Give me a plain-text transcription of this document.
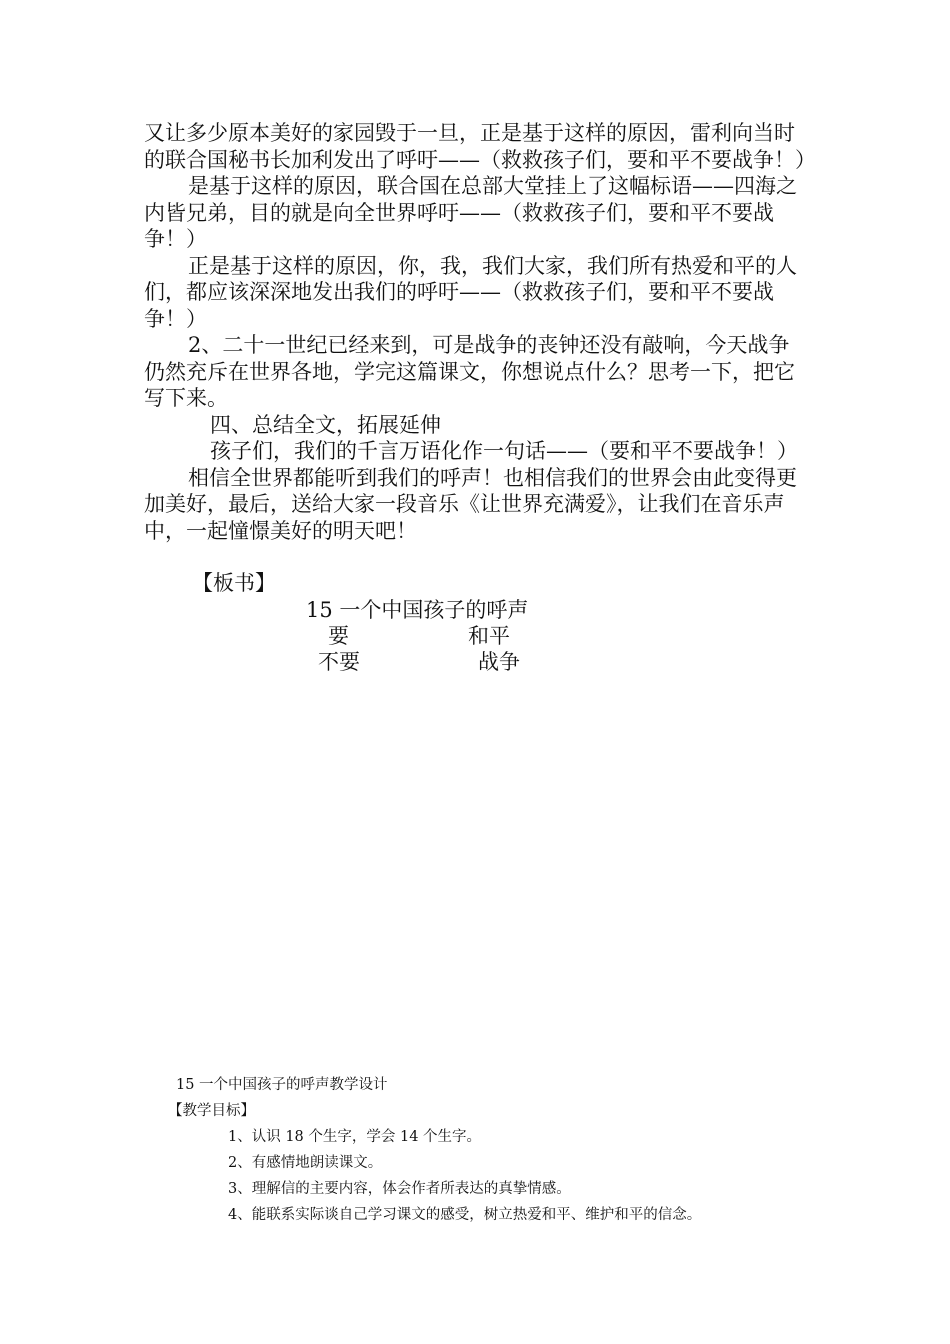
又让多少原本美好的家园毁于一旦，正是基于这样的原因，雷利向当时的联合国秘书长加利发出了呼吁——（救救孩子们，要和平不要战争！）

是基于这样的原因，联合国在总部大堂挂上了这幅标语——四海之内皆兄弟，目的就是向全世界呼吁——（救救孩子们，要和平不要战争！）

正是基于这样的原因，你，我，我们大家，我们所有热爱和平的人们，都应该深深地发出我们的呼吁——（救救孩子们，要和平不要战争！）

2、二十一世纪已经来到，可是战争的丧钟还没有敲响，今天战争仍然充斥在世界各地，学完这篇课文，你想说点什么？思考一下，把它写下来。

四、总结全文，拓展延伸

孩子们，我们的千言万语化作一句话——（要和平不要战争！）

相信全世界都能听到我们的呼声！也相信我们的世界会由此变得更加美好，最后，送给大家一段音乐《让世界充满爱》，让我们在音乐声中，一起憧憬美好的明天吧！

【板书】

15 一个中国孩子的呼声
要	和平
不要	战争

15 一个中国孩子的呼声教学设计

【教学目标】

1、认识 18 个生字，学会 14 个生字。

2、有感情地朗读课文。

3、理解信的主要内容，体会作者所表达的真挚情感。

4、能联系实际谈自己学习课文的感受，树立热爱和平、维护和平的信念。
